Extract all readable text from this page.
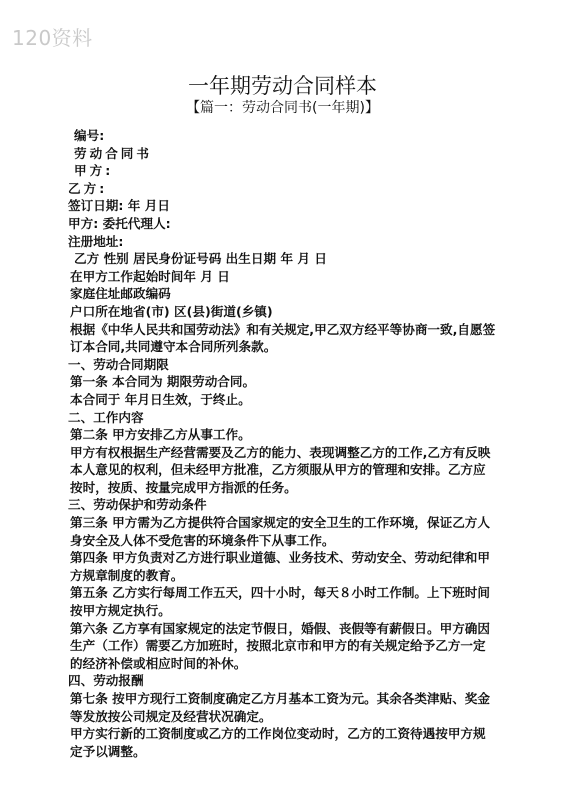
120资料
一年期劳动合同样本
【篇一：劳动合同书(一年期)】

编号:

劳动合同书

甲方:

乙方:

签订日期: 年 月日

甲方: 委托代理人:

注册地址:

乙方 性别 居民身份证号码 出生日期 年 月 日

在甲方工作起始时间年 月 日

家庭住址邮政编码

户口所在地省(市) 区(县)街道(乡镇)

根据《中华人民共和国劳动法》和有关规定,甲乙双方经平等协商一致,自愿签订本合同,共同遵守本合同所列条款。

一、劳动合同期限

第一条 本合同为 期限劳动合同。

本合同于 年月日生效，于终止。

二、工作内容

第二条 甲方安排乙方从事工作。

甲方有权根据生产经营需要及乙方的能力、表现调整乙方的工作,乙方有反映本人意见的权利，但未经甲方批准，乙方须服从甲方的管理和安排。乙方应按时，按质、按量完成甲方指派的任务。

三、劳动保护和劳动条件

第三条 甲方需为乙方提供符合国家规定的安全卫生的工作环境，保证乙方人身安全及人体不受危害的环境条件下从事工作。

第四条 甲方负责对乙方进行职业道德、业务技术、劳动安全、劳动纪律和甲方规章制度的教育。

第五条 乙方实行每周工作五天，四十小时，每天８小时工作制。上下班时间按甲方规定执行。

第六条 乙方享有国家规定的法定节假日，婚假、丧假等有薪假日。甲方确因生产（工作）需要乙方加班时，按照北京市和甲方的有关规定给予乙方一定的经济补偿或相应时间的补休。

四、劳动报酬

第七条 按甲方现行工资制度确定乙方月基本工资为元。其余各类津贴、奖金等发放按公司规定及经营状况确定。

甲方实行新的工资制度或乙方的工作岗位变动时，乙方的工资待遇按甲方规定予以调整。
